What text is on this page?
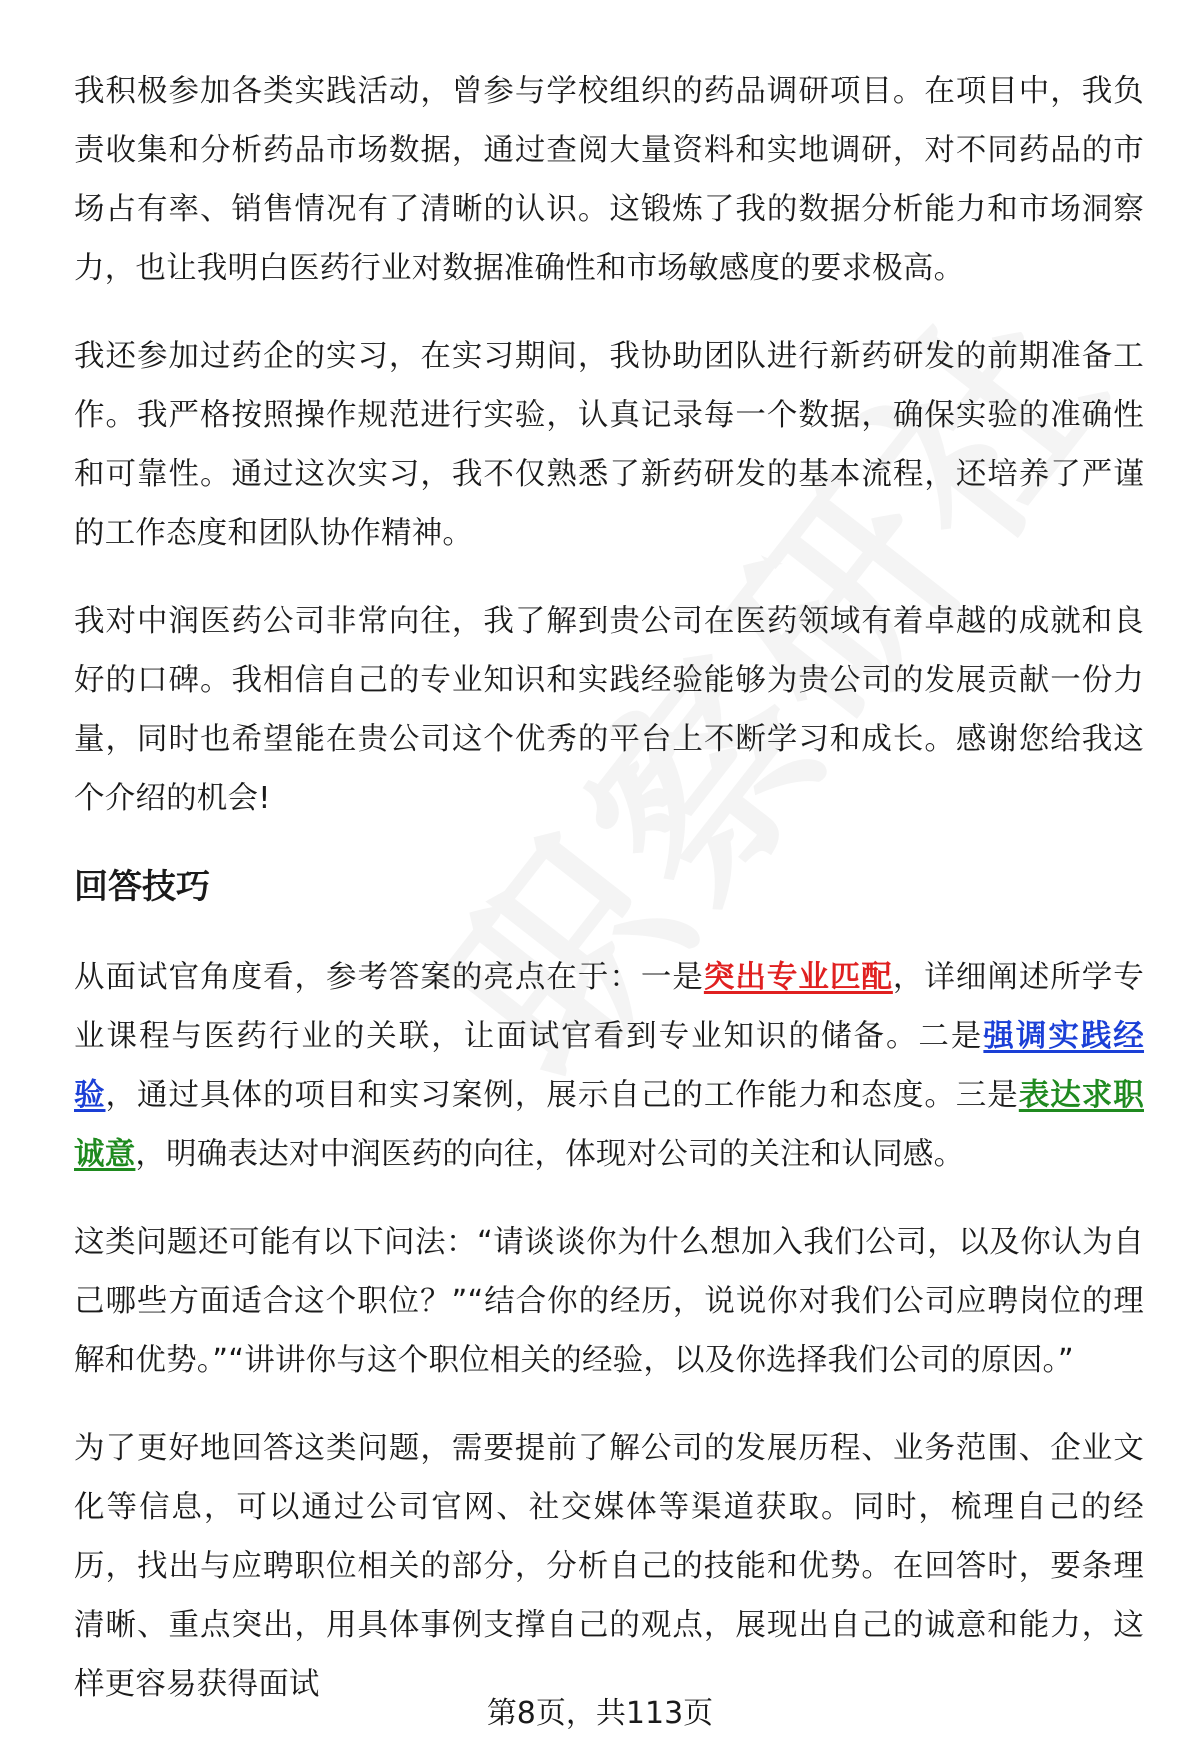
我积极参加各类实践活动，曾参与学校组织的药品调研项目。在项目中，我负责收集和分析药品市场数据，通过查阅大量资料和实地调研，对不同药品的市场占有率、销售情况有了清晰的认识。这锻炼了我的数据分析能力和市场洞察力，也让我明白医药行业对数据准确性和市场敏感度的要求极高。

我还参加过药企的实习，在实习期间，我协助团队进行新药研发的前期准备工作。我严格按照操作规范进行实验，认真记录每一个数据，确保实验的准确性和可靠性。通过这次实习，我不仅熟悉了新药研发的基本流程，还培养了严谨的工作态度和团队协作精神。

我对中润医药公司非常向往，我了解到贵公司在医药领域有着卓越的成就和良好的口碑。我相信自己的专业知识和实践经验能够为贵公司的发展贡献一份力量，同时也希望能在贵公司这个优秀的平台上不断学习和成长。感谢您给我这个介绍的机会!

回答技巧

从面试官角度看，参考答案的亮点在于：一是突出专业匹配，详细阐述所学专业课程与医药行业的关联，让面试官看到专业知识的储备。二是强调实践经验，通过具体的项目和实习案例，展示自己的工作能力和态度。三是表达求职诚意，明确表达对中润医药的向往，体现对公司的关注和认同感。

这类问题还可能有以下问法：“请谈谈你为什么想加入我们公司，以及你认为自己哪些方面适合这个职位？”“结合你的经历，说说你对我们公司应聘岗位的理解和优势。”“讲讲你与这个职位相关的经验，以及你选择我们公司的原因。”

为了更好地回答这类问题，需要提前了解公司的发展历程、业务范围、企业文化等信息，可以通过公司官网、社交媒体等渠道获取。同时，梳理自己的经历，找出与应聘职位相关的部分，分析自己的技能和优势。在回答时，要条理清晰、重点突出，用具体事例支撑自己的观点，展现出自己的诚意和能力，这样更容易获得面试

第8页，共113页
